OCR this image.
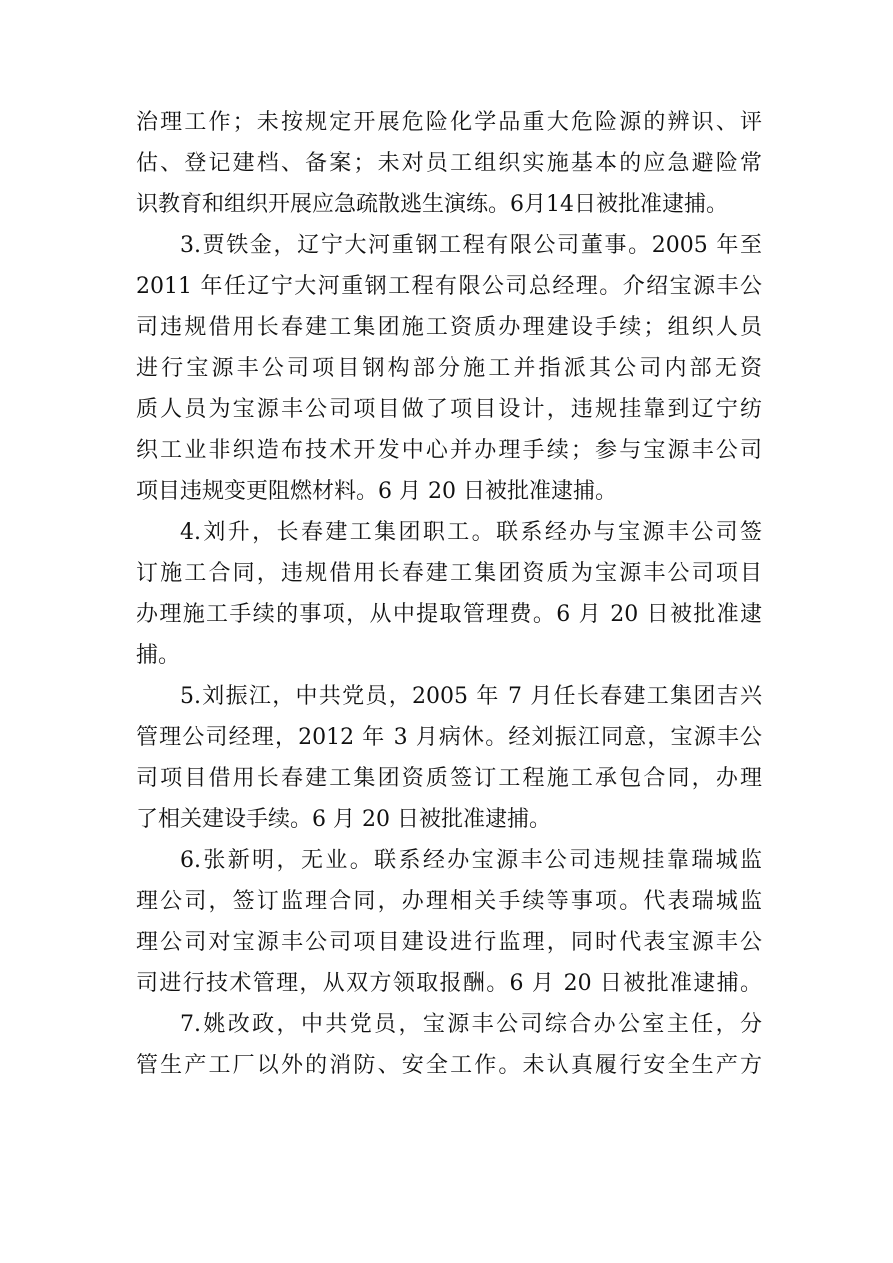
治理工作；未按规定开展危险化学品重大危险源的辨识、评
估、登记建档、备案；未对员工组织实施基本的应急避险常
识教育和组织开展应急疏散逃生演练。6月14日被批准逮捕。
3.贾铁金，辽宁大河重钢工程有限公司董事。2005 年至
2011 年任辽宁大河重钢工程有限公司总经理。介绍宝源丰公
司违规借用长春建工集团施工资质办理建设手续；组织人员
进行宝源丰公司项目钢构部分施工并指派其公司内部无资
质人员为宝源丰公司项目做了项目设计，违规挂靠到辽宁纺
织工业非织造布技术开发中心并办理手续；参与宝源丰公司
项目违规变更阻燃材料。6 月 20 日被批准逮捕。
4.刘升，长春建工集团职工。联系经办与宝源丰公司签
订施工合同，违规借用长春建工集团资质为宝源丰公司项目
办理施工手续的事项，从中提取管理费。6 月 20 日被批准逮
捕。
5.刘振江，中共党员，2005 年 7 月任长春建工集团吉兴
管理公司经理，2012 年 3 月病休。经刘振江同意，宝源丰公
司项目借用长春建工集团资质签订工程施工承包合同，办理
了相关建设手续。6 月 20 日被批准逮捕。
6.张新明，无业。联系经办宝源丰公司违规挂靠瑞城监
理公司，签订监理合同，办理相关手续等事项。代表瑞城监
理公司对宝源丰公司项目建设进行监理，同时代表宝源丰公
司进行技术管理，从双方领取报酬。6 月 20 日被批准逮捕。
7.姚改政，中共党员，宝源丰公司综合办公室主任，分
管生产工厂以外的消防、安全工作。未认真履行安全生产方
